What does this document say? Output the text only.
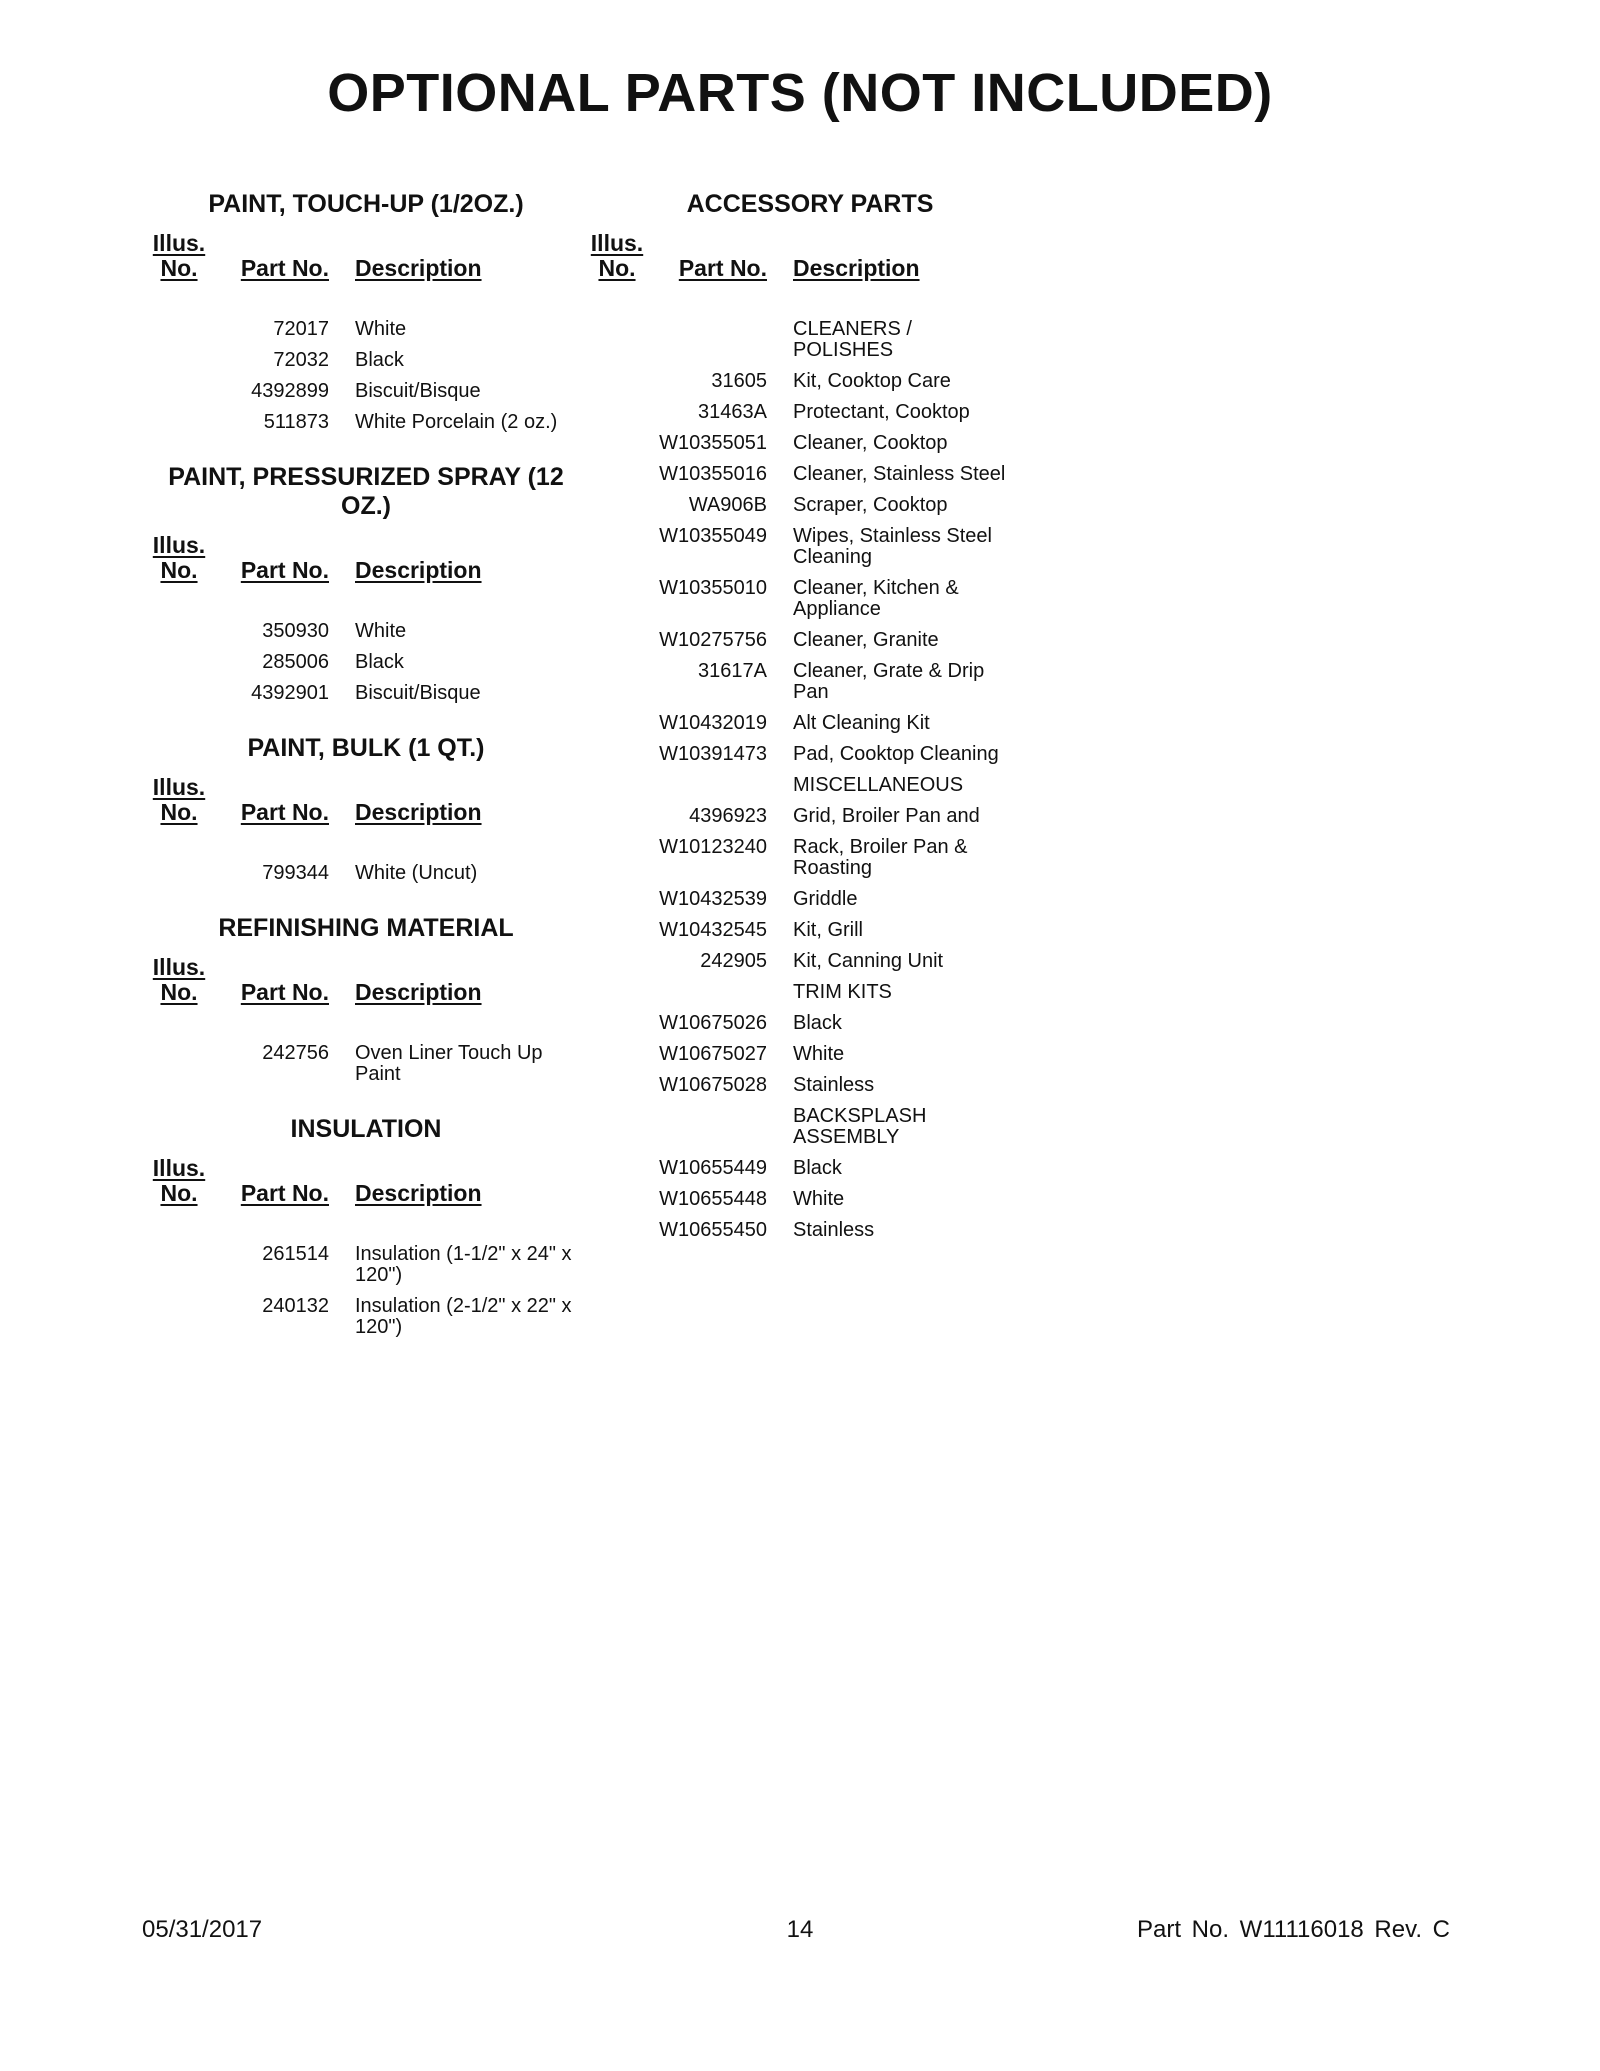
OPTIONAL PARTS (NOT INCLUDED)
PAINT, TOUCH-UP (1/2OZ.)
Illus.
No.	Part No.	Description
72017	White
72032	Black
4392899	Biscuit/Bisque
511873	White Porcelain (2 oz.)
PAINT, PRESSURIZED SPRAY (12 OZ.)
Illus.
No.	Part No.	Description
350930	White
285006	Black
4392901	Biscuit/Bisque
PAINT, BULK (1 QT.)
Illus.
No.	Part No.	Description
799344	White (Uncut)
REFINISHING MATERIAL
Illus.
No.	Part No.	Description
242756	Oven Liner Touch Up Paint
INSULATION
Illus.
No.	Part No.	Description
261514	Insulation (1-1/2" x 24" x 120")
240132	Insulation (2-1/2" x 22" x 120")
ACCESSORY PARTS
Illus.
No.	Part No.	Description
CLEANERS / POLISHES
31605	Kit, Cooktop Care
31463A	Protectant, Cooktop
W10355051	Cleaner, Cooktop
W10355016	Cleaner, Stainless Steel
WA906B	Scraper, Cooktop
W10355049	Wipes, Stainless Steel Cleaning
W10355010	Cleaner, Kitchen & Appliance
W10275756	Cleaner, Granite
31617A	Cleaner, Grate & Drip Pan
W10432019	Alt Cleaning Kit
W10391473	Pad, Cooktop Cleaning
MISCELLANEOUS
4396923	Grid, Broiler Pan and
W10123240	Rack, Broiler Pan & Roasting
W10432539	Griddle
W10432545	Kit, Grill
242905	Kit, Canning Unit
TRIM KITS
W10675026	Black
W10675027	White
W10675028	Stainless
BACKSPLASH ASSEMBLY
W10655449	Black
W10655448	White
W10655450	Stainless
14
05/31/2017	Part No. W11116018 Rev. C
